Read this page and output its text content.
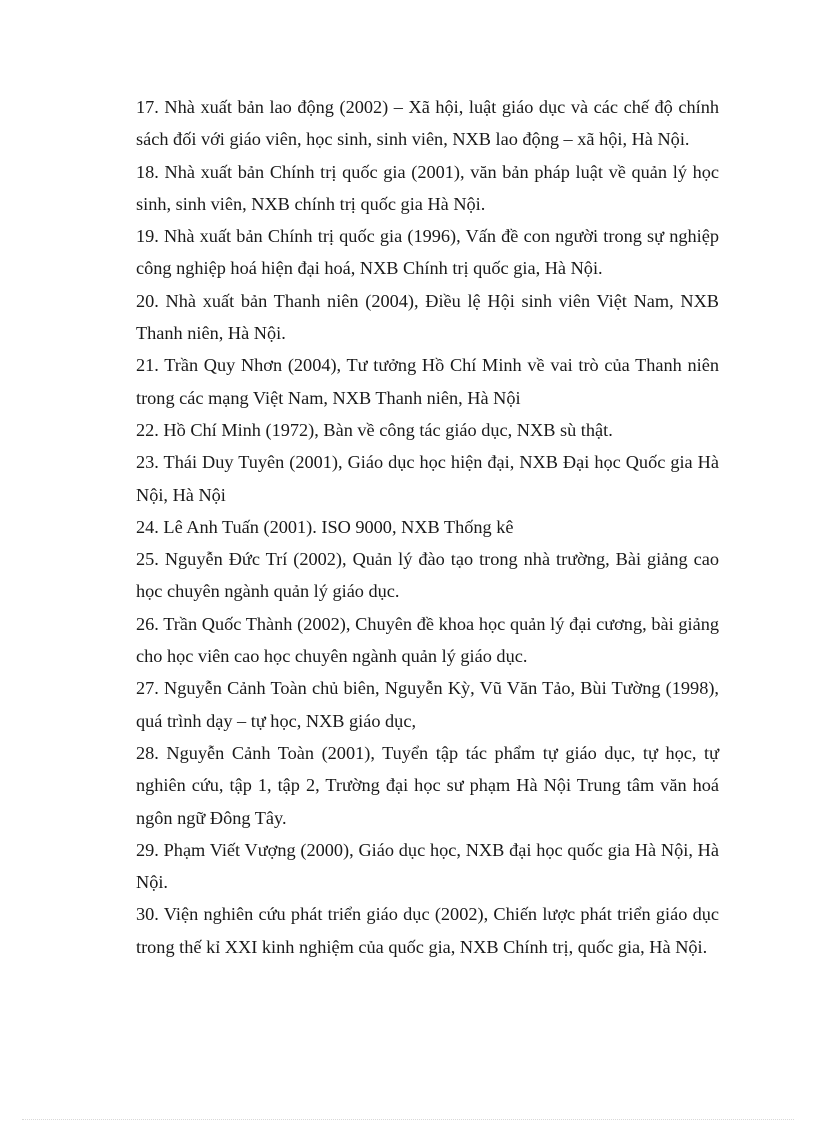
17. Nhà xuất bản lao động (2002) – Xã hội, luật giáo dục và các chế độ chính sách đối với giáo viên, học sinh, sinh viên, NXB lao động – xã hội, Hà Nội.
18. Nhà xuất bản Chính trị quốc gia (2001), văn bản pháp luật về quản lý học sinh, sinh viên, NXB chính trị quốc gia Hà Nội.
19. Nhà xuất bản Chính trị quốc gia (1996), Vấn đề con người trong sự nghiệp công nghiệp hoá hiện đại hoá, NXB Chính trị quốc gia, Hà Nội.
20. Nhà xuất bản Thanh niên (2004), Điều lệ Hội sinh viên Việt Nam, NXB Thanh niên, Hà Nội.
21. Trần Quy Nhơn (2004), Tư tưởng Hồ Chí Minh về vai trò của Thanh niên trong các mạng Việt Nam, NXB Thanh niên, Hà Nội
22. Hồ Chí Minh (1972), Bàn về công tác giáo dục, NXB sù thật.
23. Thái Duy Tuyên (2001), Giáo dục học hiện đại, NXB Đại học Quốc gia Hà Nội, Hà Nội
24. Lê Anh Tuấn (2001). ISO 9000, NXB Thống kê
25. Nguyễn Đức Trí (2002), Quản lý đào tạo trong nhà trường, Bài giảng cao học chuyên ngành quản lý giáo dục.
26. Trần Quốc Thành (2002), Chuyên đề khoa học quản lý đại cương, bài giảng cho học viên cao học chuyên ngành quản lý giáo dục.
27. Nguyễn Cảnh Toàn chủ biên, Nguyễn Kỳ, Vũ Văn Tảo, Bùi Tường (1998), quá trình dạy – tự học, NXB giáo dục,
28. Nguyễn Cảnh Toàn (2001), Tuyển tập tác phẩm tự giáo dục, tự học, tự nghiên cứu, tập 1, tập 2, Trường đại học sư phạm Hà Nội Trung tâm văn hoá ngôn ngữ Đông Tây.
29. Phạm Viết Vượng (2000), Giáo dục học, NXB đại học quốc gia Hà Nội, Hà Nội.
30. Viện nghiên cứu phát triển giáo dục (2002), Chiến lược phát triển giáo dục trong thế kỉ XXI kinh nghiệm của quốc gia, NXB Chính trị, quốc gia, Hà Nội.
